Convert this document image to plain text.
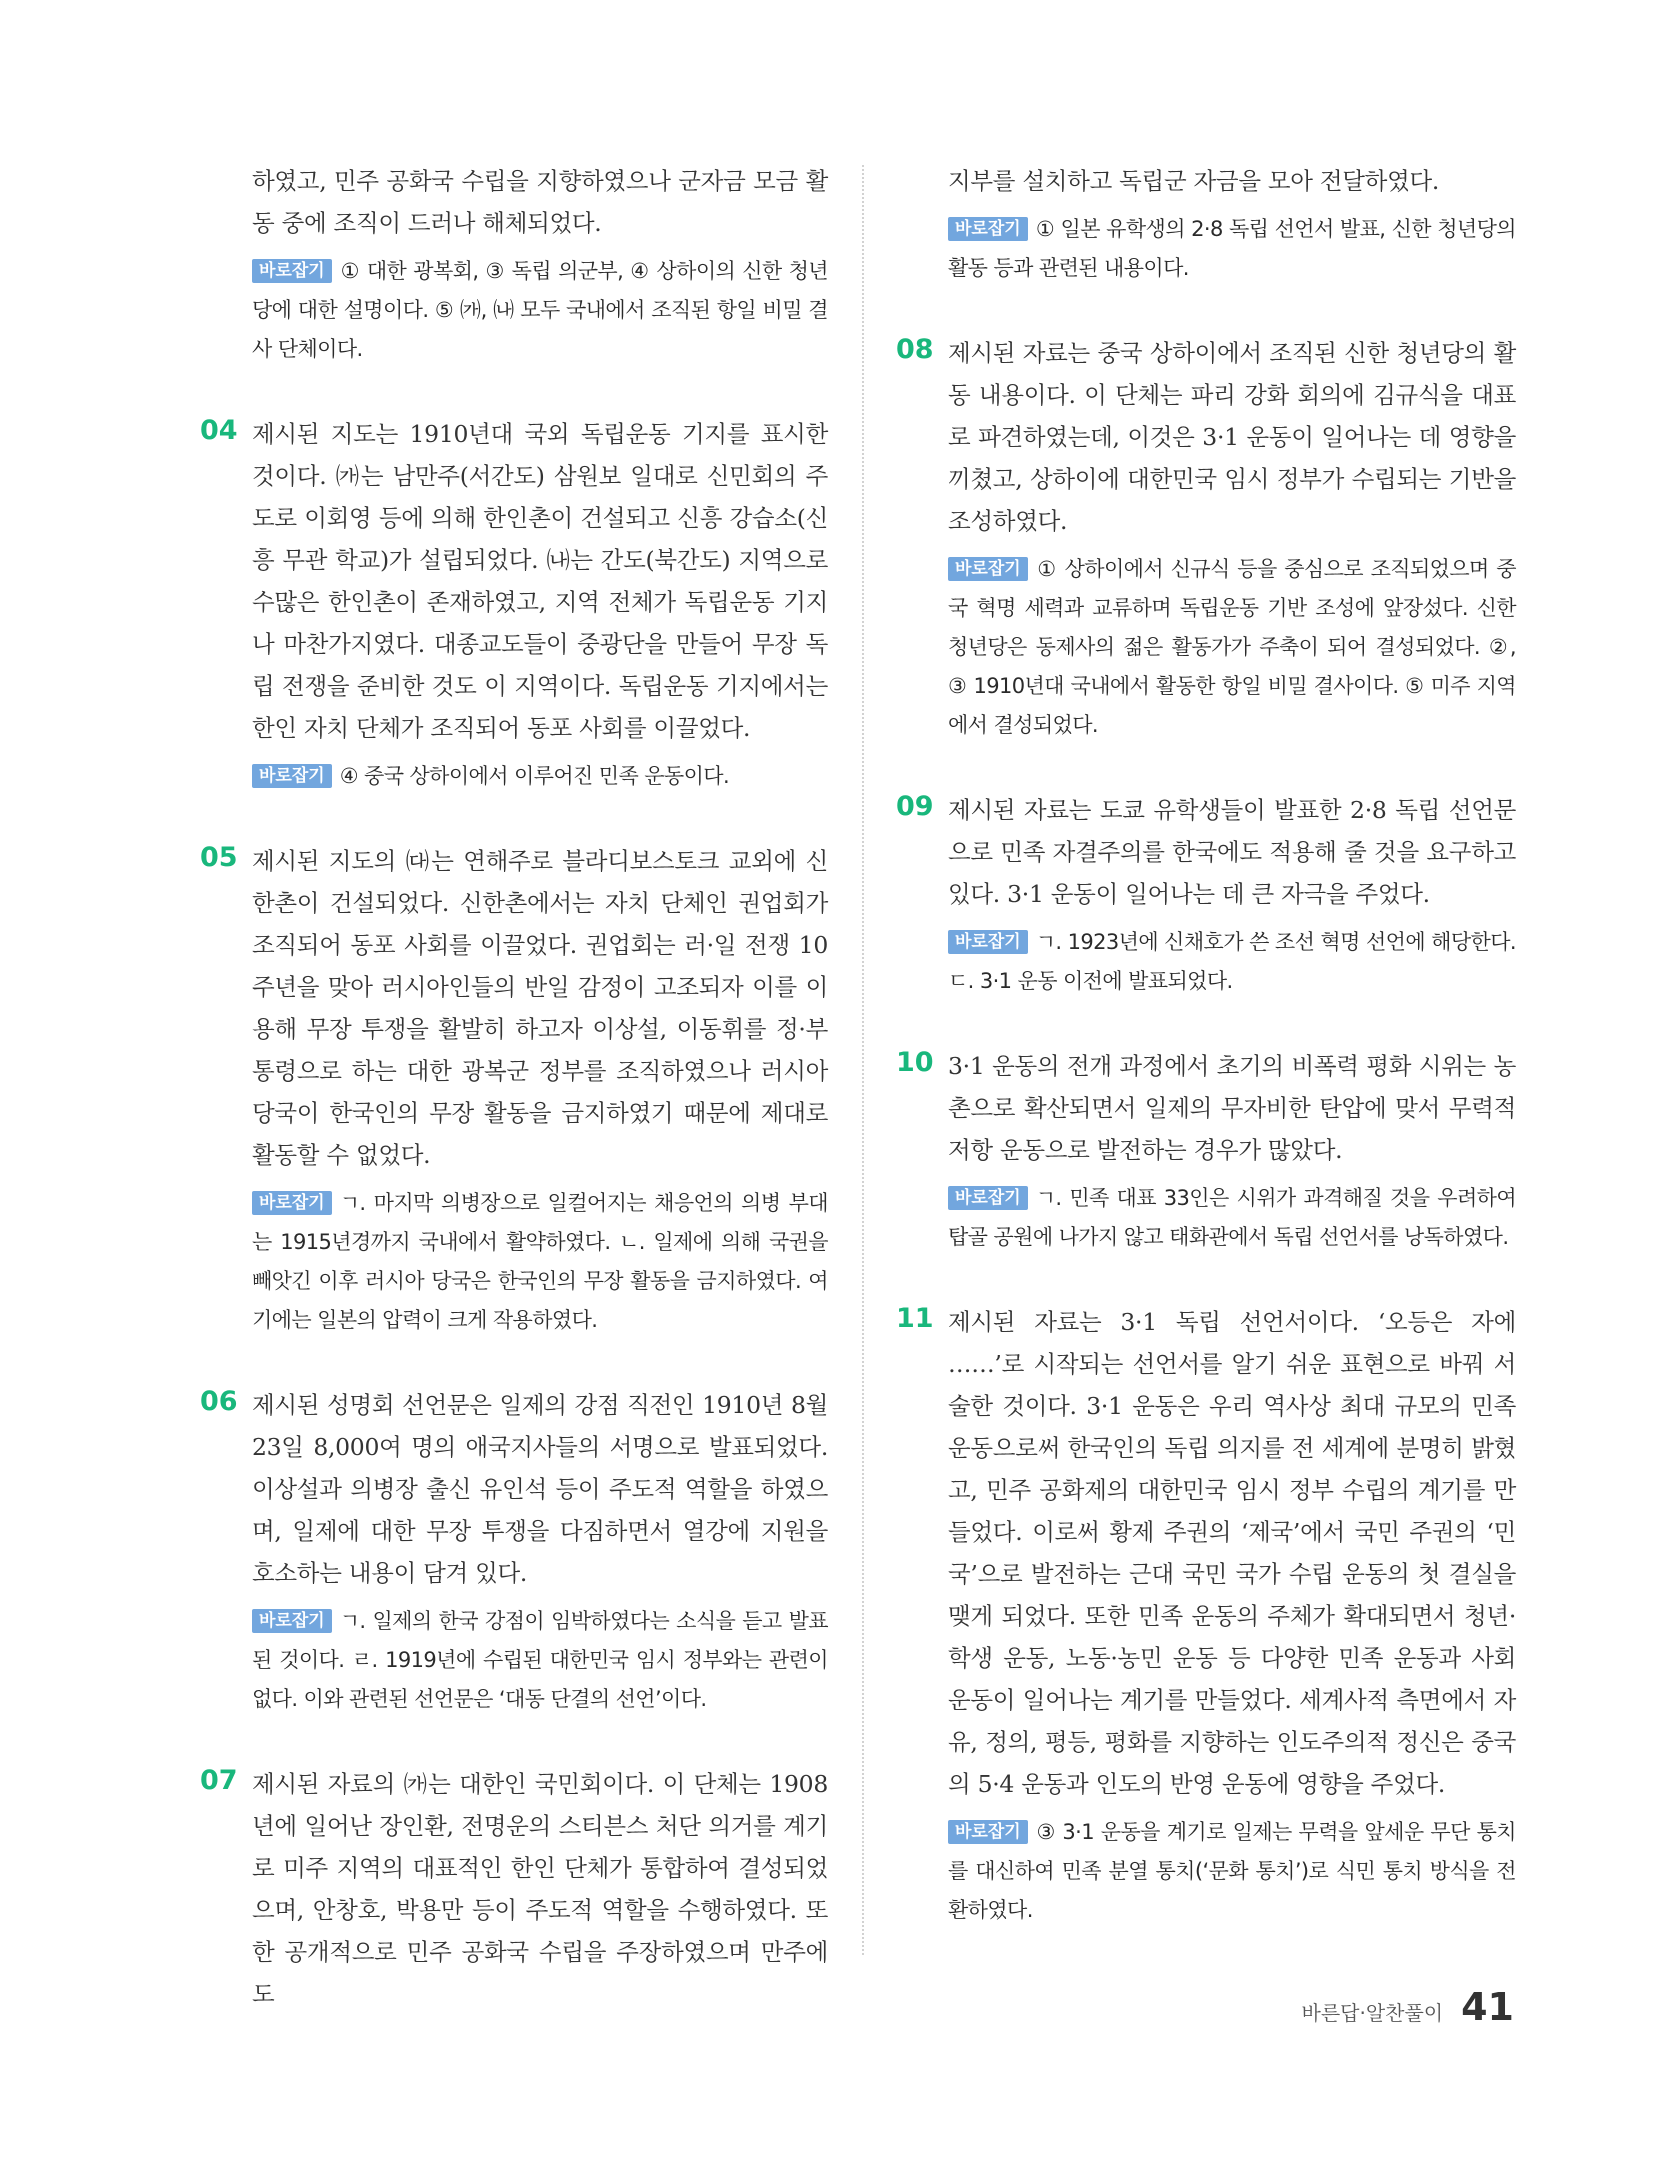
하였고, 민주 공화국 수립을 지향하였으나 군자금 모금 활동 중에 조직이 드러나 해체되었다.

바로잡기 ① 대한 광복회, ③ 독립 의군부, ④ 상하이의 신한 청년당에 대한 설명이다. ⑤ ㈎, ㈏ 모두 국내에서 조직된 항일 비밀 결사 단체이다.

04 제시된 지도는 1910년대 국외 독립운동 기지를 표시한 것이다. ㈎는 남만주(서간도) 삼원보 일대로 신민회의 주도로 이회영 등에 의해 한인촌이 건설되고 신흥 강습소(신흥 무관 학교)가 설립되었다. ㈏는 간도(북간도) 지역으로 수많은 한인촌이 존재하였고, 지역 전체가 독립운동 기지나 마찬가지였다. 대종교도들이 중광단을 만들어 무장 독립 전쟁을 준비한 것도 이 지역이다. 독립운동 기지에서는 한인 자치 단체가 조직되어 동포 사회를 이끌었다.

바로잡기 ④ 중국 상하이에서 이루어진 민족 운동이다.

05 제시된 지도의 ㈐는 연해주로 블라디보스토크 교외에 신한촌이 건설되었다. 신한촌에서는 자치 단체인 권업회가 조직되어 동포 사회를 이끌었다. 권업회는 러·일 전쟁 10주년을 맞아 러시아인들의 반일 감정이 고조되자 이를 이용해 무장 투쟁을 활발히 하고자 이상설, 이동휘를 정·부통령으로 하는 대한 광복군 정부를 조직하였으나 러시아 당국이 한국인의 무장 활동을 금지하였기 때문에 제대로 활동할 수 없었다.

바로잡기 ㄱ. 마지막 의병장으로 일컬어지는 채응언의 의병 부대는 1915년경까지 국내에서 활약하였다. ㄴ. 일제에 의해 국권을 빼앗긴 이후 러시아 당국은 한국인의 무장 활동을 금지하였다. 여기에는 일본의 압력이 크게 작용하였다.

06 제시된 성명회 선언문은 일제의 강점 직전인 1910년 8월 23일 8,000여 명의 애국지사들의 서명으로 발표되었다. 이상설과 의병장 출신 유인석 등이 주도적 역할을 하였으며, 일제에 대한 무장 투쟁을 다짐하면서 열강에 지원을 호소하는 내용이 담겨 있다.

바로잡기 ㄱ. 일제의 한국 강점이 임박하였다는 소식을 듣고 발표된 것이다. ㄹ. 1919년에 수립된 대한민국 임시 정부와는 관련이 없다. 이와 관련된 선언문은 ‘대동 단결의 선언’이다.

07 제시된 자료의 ㈎는 대한인 국민회이다. 이 단체는 1908년에 일어난 장인환, 전명운의 스티븐스 처단 의거를 계기로 미주 지역의 대표적인 한인 단체가 통합하여 결성되었으며, 안창호, 박용만 등이 주도적 역할을 수행하였다. 또한 공개적으로 민주 공화국 수립을 주장하였으며 만주에도

지부를 설치하고 독립군 자금을 모아 전달하였다.

바로잡기 ① 일본 유학생의 2·8 독립 선언서 발표, 신한 청년당의 활동 등과 관련된 내용이다.

08 제시된 자료는 중국 상하이에서 조직된 신한 청년당의 활동 내용이다. 이 단체는 파리 강화 회의에 김규식을 대표로 파견하였는데, 이것은 3·1 운동이 일어나는 데 영향을 끼쳤고, 상하이에 대한민국 임시 정부가 수립되는 기반을 조성하였다.

바로잡기 ① 상하이에서 신규식 등을 중심으로 조직되었으며 중국 혁명 세력과 교류하며 독립운동 기반 조성에 앞장섰다. 신한 청년당은 동제사의 젊은 활동가가 주축이 되어 결성되었다. ②, ③ 1910년대 국내에서 활동한 항일 비밀 결사이다. ⑤ 미주 지역에서 결성되었다.

09 제시된 자료는 도쿄 유학생들이 발표한 2·8 독립 선언문으로 민족 자결주의를 한국에도 적용해 줄 것을 요구하고 있다. 3·1 운동이 일어나는 데 큰 자극을 주었다.

바로잡기 ㄱ. 1923년에 신채호가 쓴 조선 혁명 선언에 해당한다. ㄷ. 3·1 운동 이전에 발표되었다.

10 3·1 운동의 전개 과정에서 초기의 비폭력 평화 시위는 농촌으로 확산되면서 일제의 무자비한 탄압에 맞서 무력적 저항 운동으로 발전하는 경우가 많았다.

바로잡기 ㄱ. 민족 대표 33인은 시위가 과격해질 것을 우려하여 탑골 공원에 나가지 않고 태화관에서 독립 선언서를 낭독하였다.

11 제시된 자료는 3·1 독립 선언서이다. ‘오등은 자에 ……’로 시작되는 선언서를 알기 쉬운 표현으로 바꿔 서술한 것이다. 3·1 운동은 우리 역사상 최대 규모의 민족 운동으로써 한국인의 독립 의지를 전 세계에 분명히 밝혔고, 민주 공화제의 대한민국 임시 정부 수립의 계기를 만들었다. 이로써 황제 주권의 ‘제국’에서 국민 주권의 ‘민국’으로 발전하는 근대 국민 국가 수립 운동의 첫 결실을 맺게 되었다. 또한 민족 운동의 주체가 확대되면서 청년·학생 운동, 노동·농민 운동 등 다양한 민족 운동과 사회 운동이 일어나는 계기를 만들었다. 세계사적 측면에서 자유, 정의, 평등, 평화를 지향하는 인도주의적 정신은 중국의 5·4 운동과 인도의 반영 운동에 영향을 주었다.

바로잡기 ③ 3·1 운동을 계기로 일제는 무력을 앞세운 무단 통치를 대신하여 민족 분열 통치(‘문화 통치’)로 식민 통치 방식을 전환하였다.

바른답·알찬풀이 41
